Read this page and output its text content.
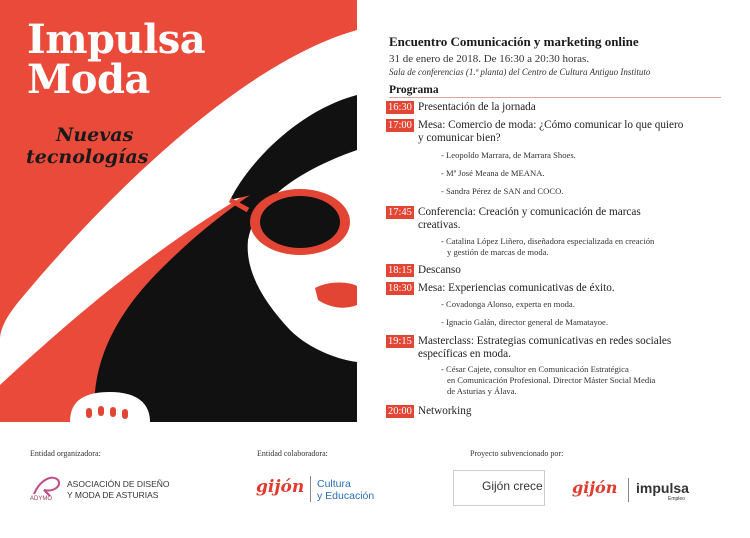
Impulsa
Moda
Nuevas
tecnologías
Encuentro Comunicación y marketing online
31 de enero de 2018. De 16:30 a 20:30 horas.
Sala de conferencias (1.ª planta) del Centro de Cultura Antiguo Instituto
Programa
16:30 Presentación de la jornada
17:00 Mesa: Comercio de moda: ¿Cómo comunicar lo que quiero
y comunicar bien?
- Leopoldo Marrara, de Marrara Shoes.
- Mª José Meana de MEANA.
- Sandra Pérez de SAN and COCO.
17:45 Conferencia: Creación y comunicación de marcas
creativas.
- Catalina López Liñero, diseñadora especializada en creación
y gestión de marcas de moda.
18:15 Descanso
18:30 Mesa: Experiencias comunicativas de éxito.
- Covadonga Alonso, experta en moda.
- Ignacio Galán, director general de Mamatayoe.
19:15 Masterclass: Estrategias comunicativas en redes sociales
específicas en moda.
- César Cajete, consultor en Comunicación Estratégica
en Comunicación Profesional. Director Máster Social Media
de Asturias y Álava.
20:00 Networking
Entidad organizadora:
ADYMO
ASOCIACIÓN DE DISEÑO
Y MODA DE ASTURIAS
Entidad colaboradora:
gijón Cultura
y Educación
Proyecto subvencionado por:
Gijón crece gijón impulsa
Empleo
